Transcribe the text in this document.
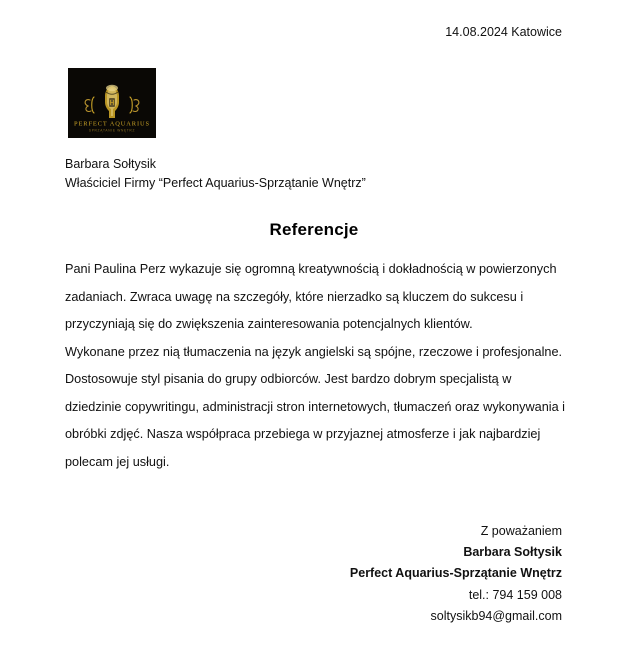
14.08.2024 Katowice
PERFECT AQUARIUS
SPRZĄTANIE WNĘTRZ
Barbara Sołtysik
Właściciel Firmy “Perfect Aquarius-Sprzątanie Wnętrz”
Referencje

Pani Paulina Perz wykazuje się ogromną kreatywnością i dokładnością w powierzonych zadaniach. Zwraca uwagę na szczegóły, które nierzadko są kluczem do sukcesu i przyczyniają się do zwiększenia zainteresowania potencjalnych klientów.

Wykonane przez nią tłumaczenia na język angielski są spójne, rzeczowe i profesjonalne. Dostosowuje styl pisania do grupy odbiorców. Jest bardzo dobrym specjalistą w dziedzinie copywritingu, administracji stron internetowych, tłumaczeń oraz wykonywania i obróbki zdjęć. Nasza współpraca przebiega w przyjaznej atmosferze i jak najbardziej polecam jej usługi.

Z poważaniem
Barbara Sołtysik
Perfect Aquarius-Sprzątanie Wnętrz
tel.: 794 159 008
soltysikb94@gmail.com
